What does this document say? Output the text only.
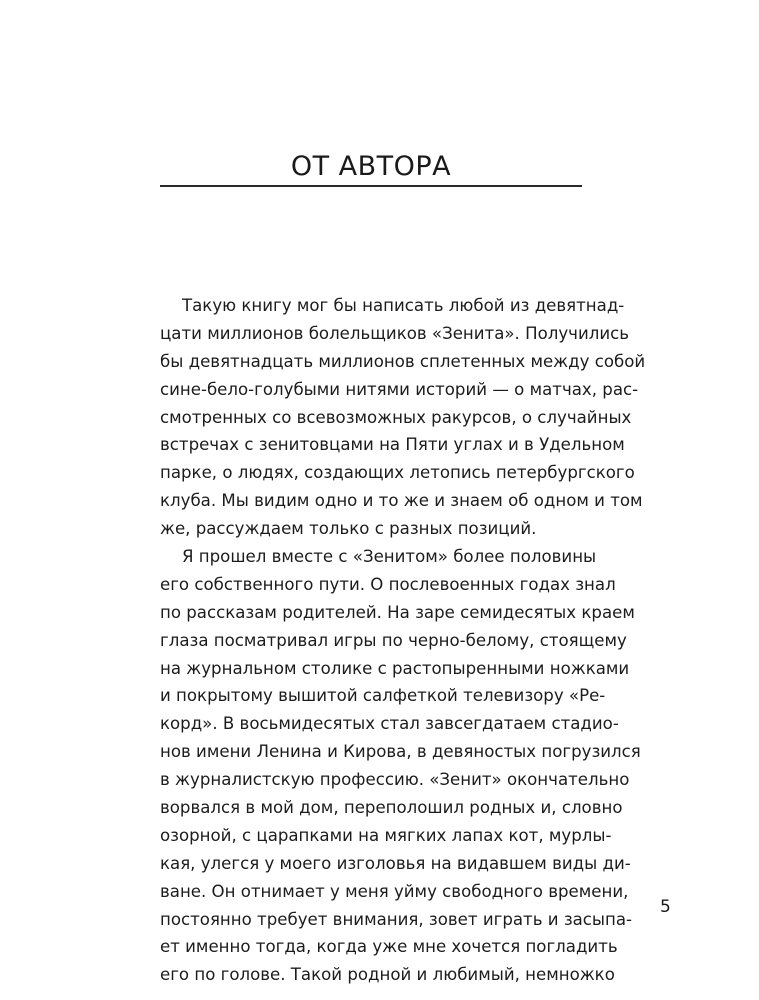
ОТ АВТОРА
Такую книгу мог бы написать любой из девятнад-
цати миллионов болельщиков «Зенита». Получились
бы девятнадцать миллионов сплетенных между собой
сине-бело-голубыми нитями историй — о матчах, рас-
смотренных со всевозможных ракурсов, о случайных
встречах с зенитовцами на Пяти углах и в Удельном
парке, о людях, создающих летопись петербургского
клуба. Мы видим одно и то же и знаем об одном и том
же, рассуждаем только с разных позиций.
Я прошел вместе с «Зенитом» более половины
его собственного пути. О послевоенных годах знал
по рассказам родителей. На заре семидесятых краем
глаза посматривал игры по черно-белому, стоящему
на журнальном столике с растопыренными ножками
и покрытому вышитой салфеткой телевизору «Ре-
корд». В восьмидесятых стал завсегдатаем стадио-
нов имени Ленина и Кирова, в девяностых погрузился
в журналистскую профессию. «Зенит» окончательно
ворвался в мой дом, переполошил родных и, словно
озорной, с царапками на мягких лапах кот, мурлы-
кая, улегся у моего изголовья на видавшем виды ди-
ване. Он отнимает у меня уйму свободного времени,
постоянно требует внимания, зовет играть и засыпа-
ет именно тогда, когда уже мне хочется погладить
его по голове. Такой родной и любимый, немножко
5
